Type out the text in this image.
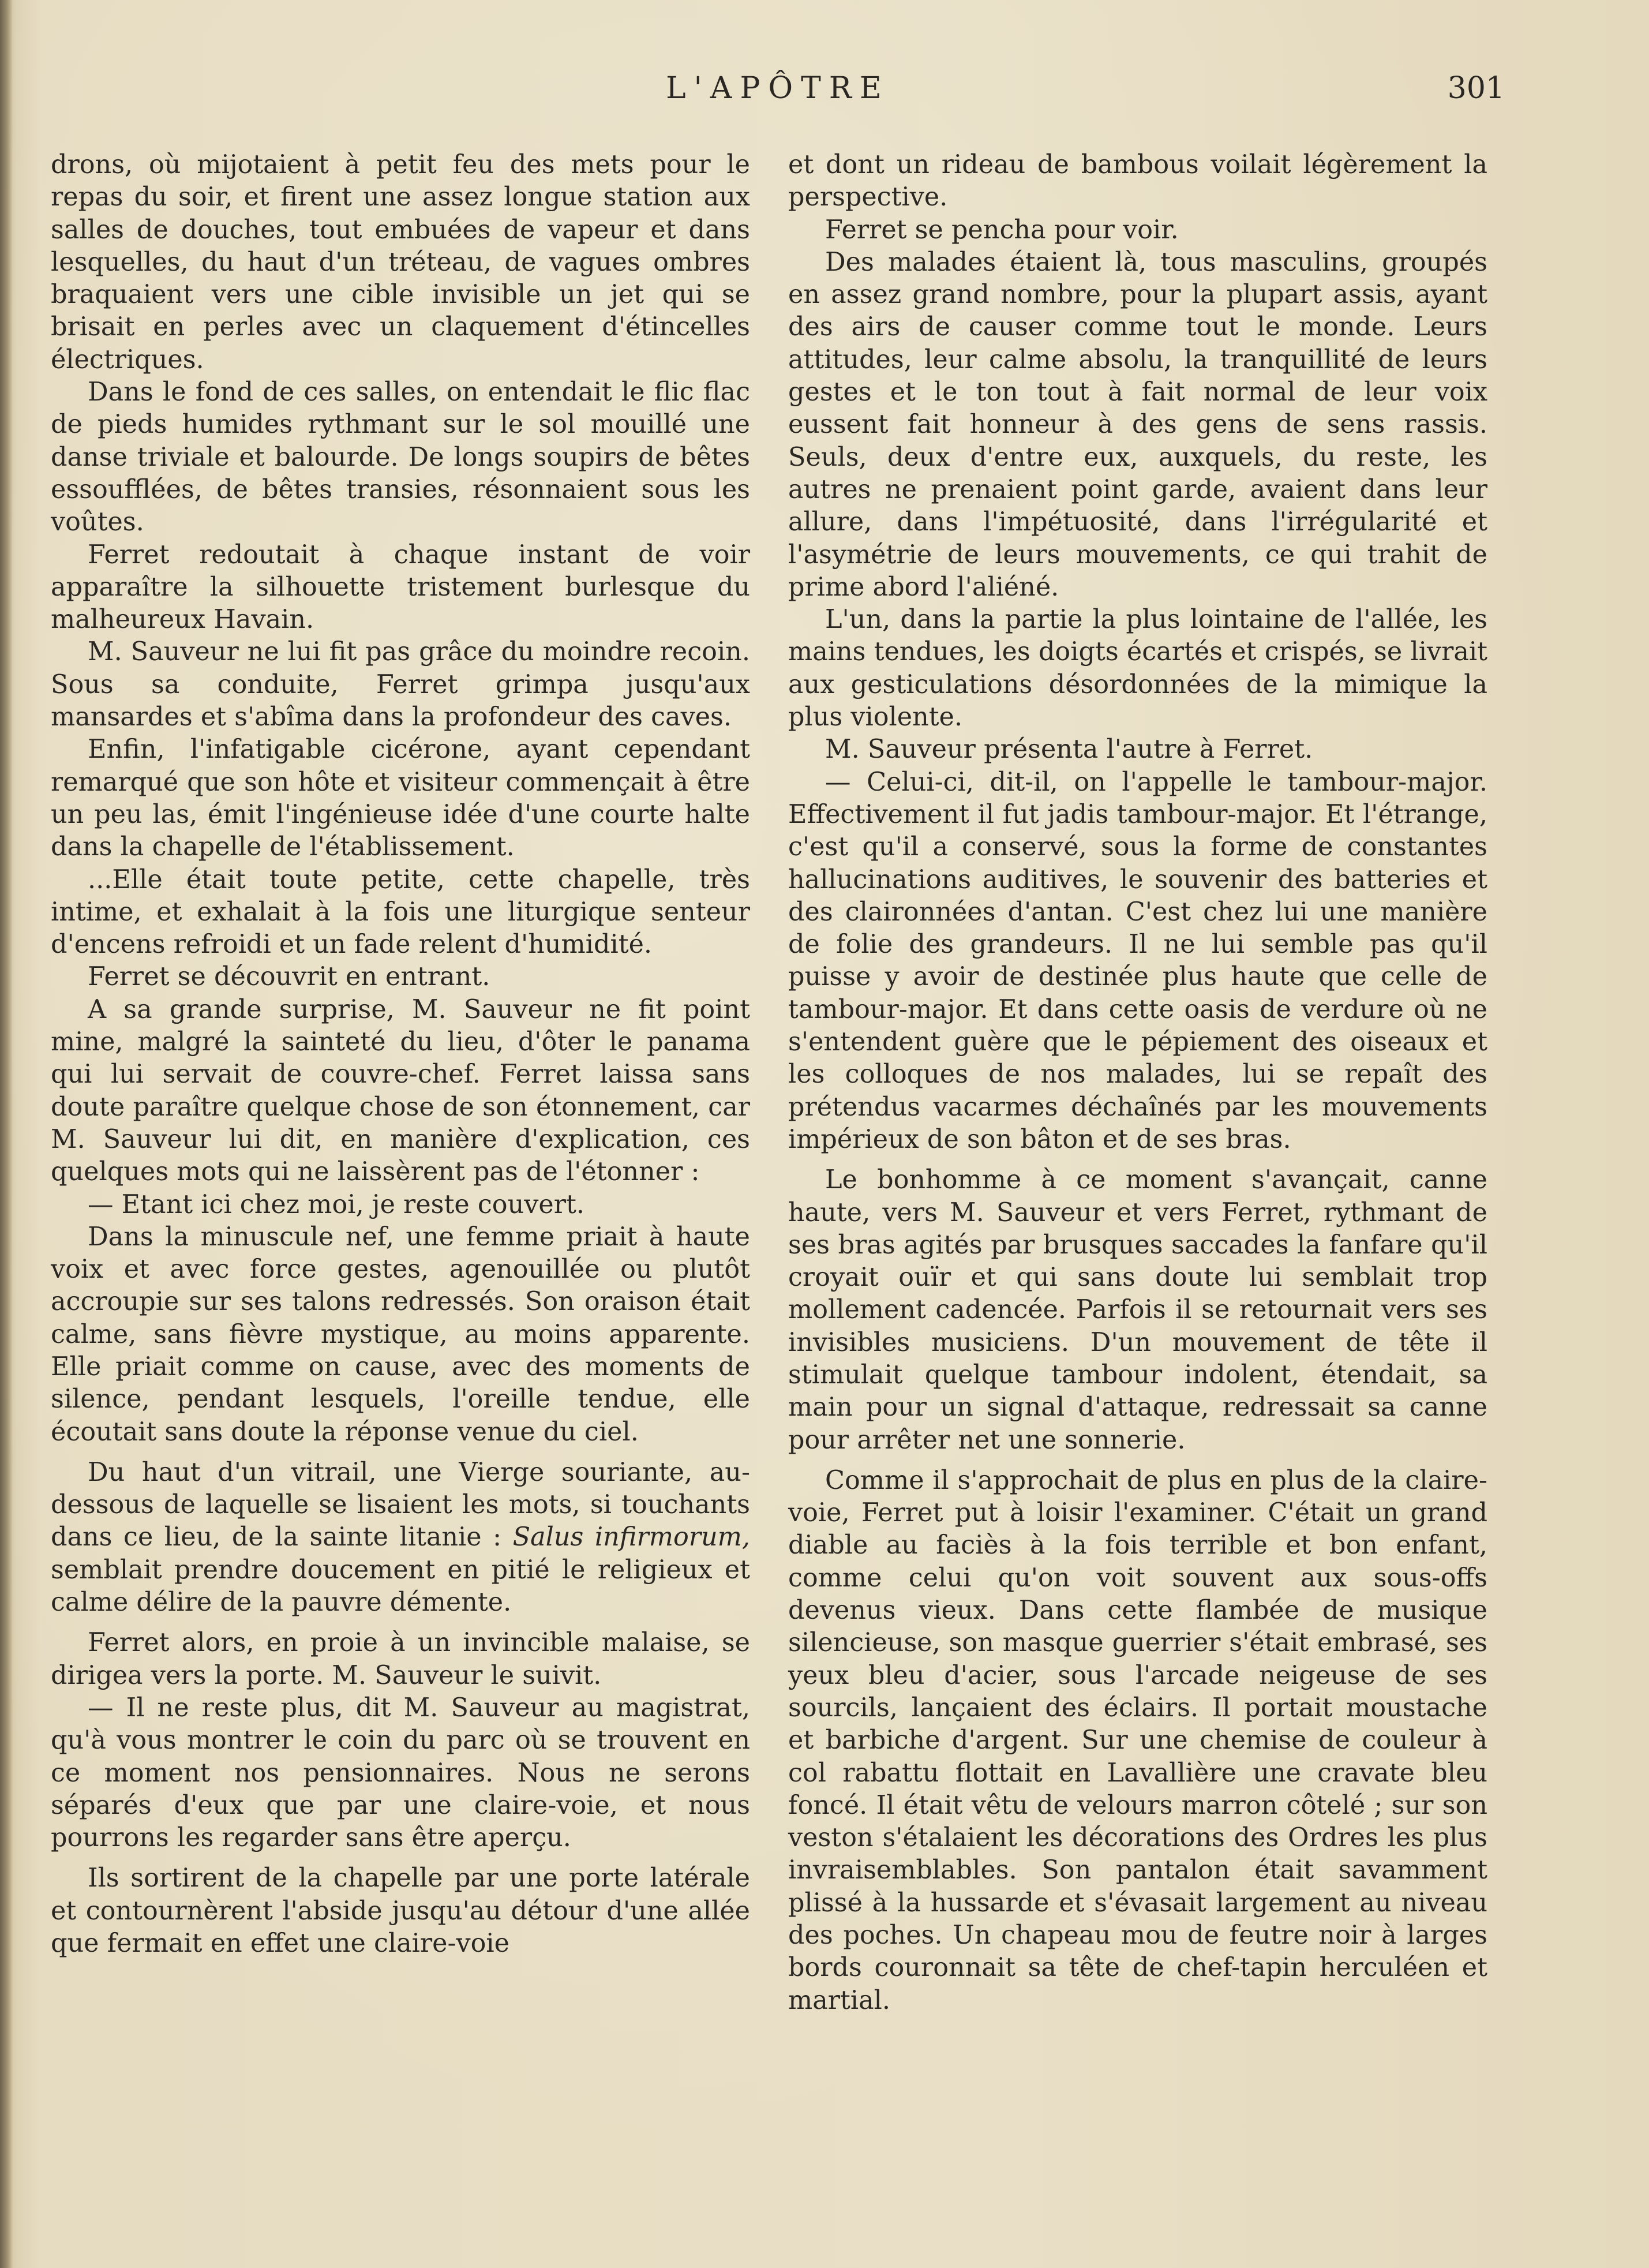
L'APÔTRE	301

drons, où mijotaient à petit feu des mets pour le repas du soir, et firent une assez longue station aux salles de douches, tout embuées de vapeur et dans lesquelles, du haut d'un tréteau, de vagues ombres braquaient vers une cible invisible un jet qui se brisait en perles avec un claquement d'étincelles électriques.

Dans le fond de ces salles, on entendait le flic flac de pieds humides rythmant sur le sol mouillé une danse triviale et balourde. De longs soupirs de bêtes essoufflées, de bêtes transies, résonnaient sous les voûtes.

Ferret redoutait à chaque instant de voir apparaître la silhouette tristement burlesque du malheureux Havain.

M. Sauveur ne lui fit pas grâce du moindre recoin. Sous sa conduite, Ferret grimpa jusqu'aux mansardes et s'abîma dans la profondeur des caves.

Enfin, l'infatigable cicérone, ayant cependant remarqué que son hôte et visiteur commençait à être un peu las, émit l'ingénieuse idée d'une courte halte dans la chapelle de l'établissement.

...Elle était toute petite, cette chapelle, très intime, et exhalait à la fois une liturgique senteur d'encens refroidi et un fade relent d'humidité.

Ferret se découvrit en entrant.

A sa grande surprise, M. Sauveur ne fit point mine, malgré la sainteté du lieu, d'ôter le panama qui lui servait de couvre-chef. Ferret laissa sans doute paraître quelque chose de son étonnement, car M. Sauveur lui dit, en manière d'explication, ces quelques mots qui ne laissèrent pas de l'étonner :

— Etant ici chez moi, je reste couvert.

Dans la minuscule nef, une femme priait à haute voix et avec force gestes, agenouillée ou plutôt accroupie sur ses talons redressés. Son oraison était calme, sans fièvre mystique, au moins apparente. Elle priait comme on cause, avec des moments de silence, pendant lesquels, l'oreille tendue, elle écoutait sans doute la réponse venue du ciel.

Du haut d'un vitrail, une Vierge souriante, au-dessous de laquelle se lisaient les mots, si touchants dans ce lieu, de la sainte litanie : Salus infirmorum, semblait prendre doucement en pitié le religieux et calme délire de la pauvre démente.

Ferret alors, en proie à un invincible malaise, se dirigea vers la porte. M. Sauveur le suivit.

— Il ne reste plus, dit M. Sauveur au magistrat, qu'à vous montrer le coin du parc où se trouvent en ce moment nos pensionnaires. Nous ne serons séparés d'eux que par une claire-voie, et nous pourrons les regarder sans être aperçu.

Ils sortirent de la chapelle par une porte latérale et contournèrent l'abside jusqu'au détour d'une allée que fermait en effet une claire-voie

et dont un rideau de bambous voilait légèrement la perspective.

Ferret se pencha pour voir.

Des malades étaient là, tous masculins, groupés en assez grand nombre, pour la plupart assis, ayant des airs de causer comme tout le monde. Leurs attitudes, leur calme absolu, la tranquillité de leurs gestes et le ton tout à fait normal de leur voix eussent fait honneur à des gens de sens rassis. Seuls, deux d'entre eux, auxquels, du reste, les autres ne prenaient point garde, avaient dans leur allure, dans l'impétuosité, dans l'irrégularité et l'asymétrie de leurs mouvements, ce qui trahit de prime abord l'aliéné.

L'un, dans la partie la plus lointaine de l'allée, les mains tendues, les doigts écartés et crispés, se livrait aux gesticulations désordonnées de la mimique la plus violente.

M. Sauveur présenta l'autre à Ferret.

— Celui-ci, dit-il, on l'appelle le tambour-major. Effectivement il fut jadis tambour-major. Et l'étrange, c'est qu'il a conservé, sous la forme de constantes hallucinations auditives, le souvenir des batteries et des claironnées d'antan. C'est chez lui une manière de folie des grandeurs. Il ne lui semble pas qu'il puisse y avoir de destinée plus haute que celle de tambour-major. Et dans cette oasis de verdure où ne s'entendent guère que le pépiement des oiseaux et les colloques de nos malades, lui se repaît des prétendus vacarmes déchaînés par les mouvements impérieux de son bâton et de ses bras.

Le bonhomme à ce moment s'avançait, canne haute, vers M. Sauveur et vers Ferret, rythmant de ses bras agités par brusques saccades la fanfare qu'il croyait ouïr et qui sans doute lui semblait trop mollement cadencée. Parfois il se retournait vers ses invisibles musiciens. D'un mouvement de tête il stimulait quelque tambour indolent, étendait, sa main pour un signal d'attaque, redressait sa canne pour arrêter net une sonnerie.

Comme il s'approchait de plus en plus de la claire-voie, Ferret put à loisir l'examiner. C'était un grand diable au faciès à la fois terrible et bon enfant, comme celui qu'on voit souvent aux sous-offs devenus vieux. Dans cette flambée de musique silencieuse, son masque guerrier s'était embrasé, ses yeux bleu d'acier, sous l'arcade neigeuse de ses sourcils, lançaient des éclairs. Il portait moustache et barbiche d'argent. Sur une chemise de couleur à col rabattu flottait en Lavallière une cravate bleu foncé. Il était vêtu de velours marron côtelé ; sur son veston s'étalaient les décorations des Ordres les plus invraisemblables. Son pantalon était savamment plissé à la hussarde et s'évasait largement au niveau des poches. Un chapeau mou de feutre noir à larges bords couronnait sa tête de chef-tapin herculéen et martial.
